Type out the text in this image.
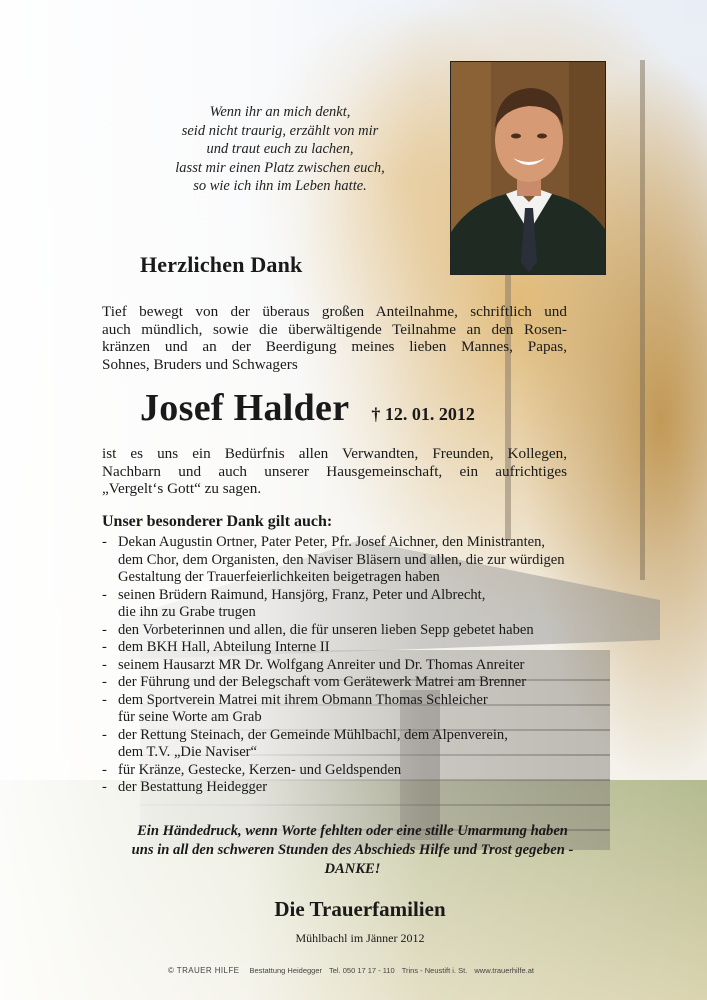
Wenn ihr an mich denkt,
seid nicht traurig, erzählt von mir
und traut euch zu lachen,
lasst mir einen Platz zwischen euch,
so wie ich ihn im Leben hatte.
Herzlichen Dank
Tief bewegt von der überaus großen Anteilnahme, schriftlich und
auch mündlich, sowie die überwältigende Teilnahme an den Rosen-
kränzen und an der Beerdigung meines lieben Mannes, Papas,
Sohnes, Bruders und Schwagers
Josef Halder † 12. 01. 2012
ist es uns ein Bedürfnis allen Verwandten, Freunden, Kollegen,
Nachbarn und auch unserer Hausgemeinschaft, ein aufrichtiges
„Vergelt‘s Gott“ zu sagen.
Unser besonderer Dank gilt auch:
- Dekan Augustin Ortner, Pater Peter, Pfr. Josef Aichner, den Ministranten,
dem Chor, dem Organisten, den Naviser Bläsern und allen, die zur würdigen
Gestaltung der Trauerfeierlichkeiten beigetragen haben
- seinen Brüdern Raimund, Hansjörg, Franz, Peter und Albrecht,
die ihn zu Grabe trugen
- den Vorbeterinnen und allen, die für unseren lieben Sepp gebetet haben
- dem BKH Hall, Abteilung Interne II
- seinem Hausarzt MR Dr. Wolfgang Anreiter und Dr. Thomas Anreiter
- der Führung und der Belegschaft vom Gerätewerk Matrei am Brenner
- dem Sportverein Matrei mit ihrem Obmann Thomas Schleicher
für seine Worte am Grab
- der Rettung Steinach, der Gemeinde Mühlbachl, dem Alpenverein,
dem T.V. „Die Naviser“
- für Kränze, Gestecke, Kerzen- und Geldspenden
- der Bestattung Heidegger
Ein Händedruck, wenn Worte fehlten oder eine stille Umarmung haben
uns in all den schweren Stunden des Abschieds Hilfe und Trost gegeben -
DANKE!
Die Trauerfamilien
Mühlbachl im Jänner 2012
© TRAUER HILFE Bestattung Heidegger Tel. 050 17 17 - 110 Trins - Neustift i. St. www.trauerhilfe.at
